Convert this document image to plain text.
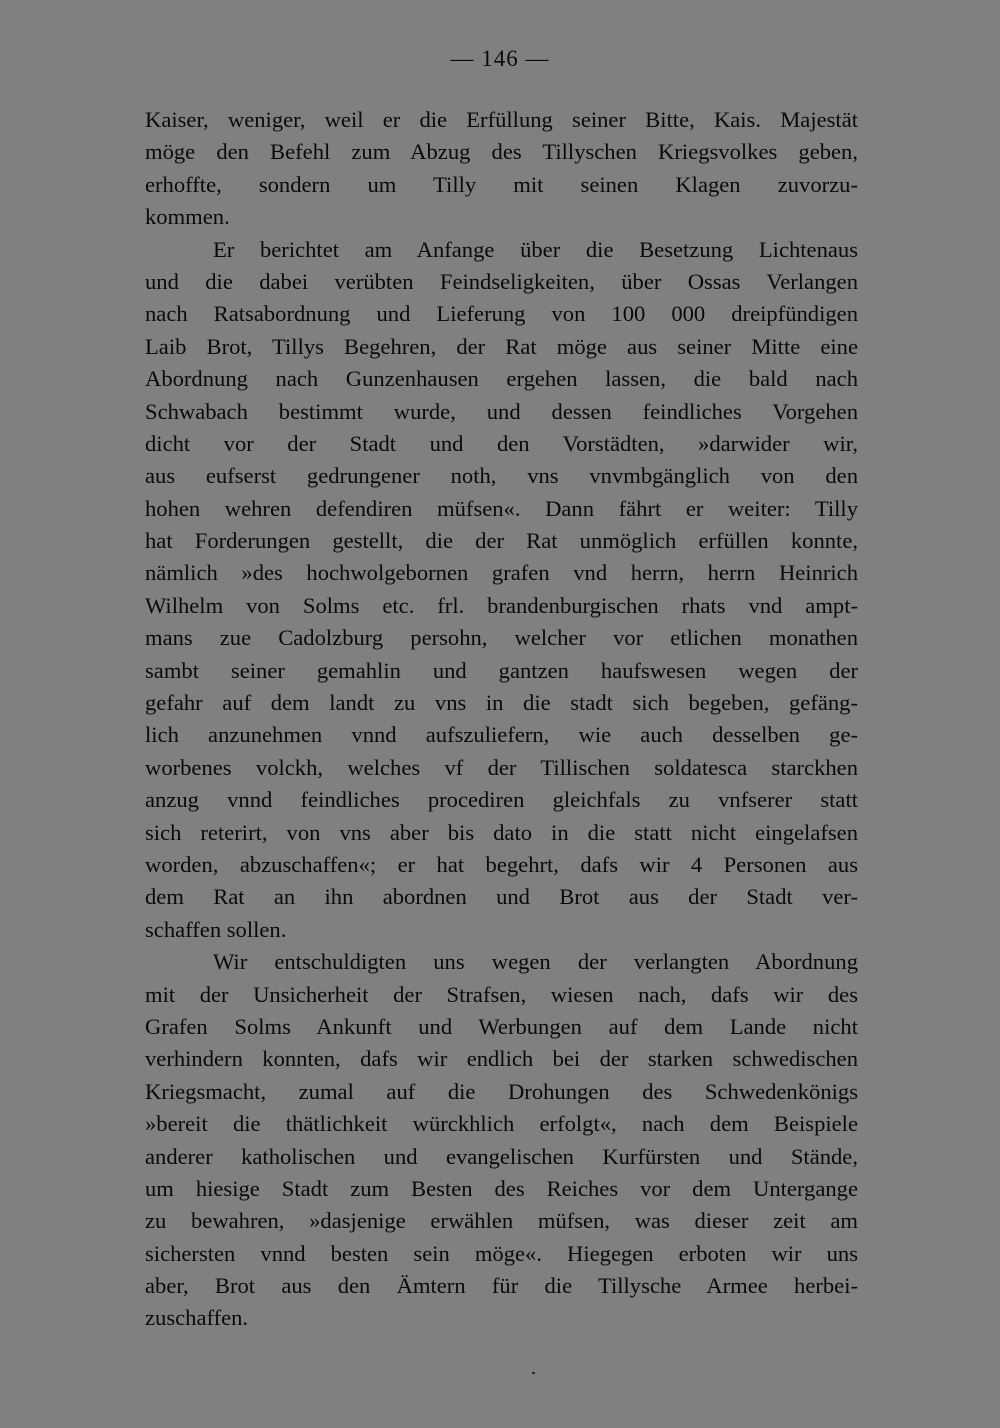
— 146 —
Kaiser, weniger, weil er die Erfüllung seiner Bitte, Kais. Majestät
möge den Befehl zum Abzug des Tillyschen Kriegsvolkes geben,
erhoffte, sondern um Tilly mit seinen Klagen zuvorzu-
kommen.
Er berichtet am Anfange über die Besetzung Lichtenaus
und die dabei verübten Feindseligkeiten, über Ossas Verlangen
nach Ratsabordnung und Lieferung von 100 000 dreipfündigen
Laib Brot, Tillys Begehren, der Rat möge aus seiner Mitte eine
Abordnung nach Gunzenhausen ergehen lassen, die bald nach
Schwabach bestimmt wurde, und dessen feindliches Vorgehen
dicht vor der Stadt und den Vorstädten, »darwider wir,
aus eufserst gedrungener noth, vns vnvmbgänglich von den
hohen wehren defendiren müfsen«. Dann fährt er weiter: Tilly
hat Forderungen gestellt, die der Rat unmöglich erfüllen konnte,
nämlich »des hochwolgebornen grafen vnd herrn, herrn Heinrich
Wilhelm von Solms etc. frl. brandenburgischen rhats vnd ampt-
mans zue Cadolzburg persohn, welcher vor etlichen monathen
sambt seiner gemahlin und gantzen haufswesen wegen der
gefahr auf dem landt zu vns in die stadt sich begeben, gefäng-
lich anzunehmen vnnd aufszuliefern, wie auch desselben ge-
worbenes volckh, welches vf der Tillischen soldatesca starckhen
anzug vnnd feindliches procediren gleichfals zu vnfserer statt
sich reterirt, von vns aber bis dato in die statt nicht eingelafsen
worden, abzuschaffen«; er hat begehrt, dafs wir 4 Personen aus
dem Rat an ihn abordnen und Brot aus der Stadt ver-
schaffen sollen.
Wir entschuldigten uns wegen der verlangten Abordnung
mit der Unsicherheit der Strafsen, wiesen nach, dafs wir des
Grafen Solms Ankunft und Werbungen auf dem Lande nicht
verhindern konnten, dafs wir endlich bei der starken schwedischen
Kriegsmacht, zumal auf die Drohungen des Schwedenkönigs
»bereit die thätlichkeit würckhlich erfolgt«, nach dem Beispiele
anderer katholischen und evangelischen Kurfürsten und Stände,
um hiesige Stadt zum Besten des Reiches vor dem Untergange
zu bewahren, »dasjenige erwählen müfsen, was dieser zeit am
sichersten vnnd besten sein möge«. Hiegegen erboten wir uns
aber, Brot aus den Ämtern für die Tillysche Armee herbei-
zuschaffen.
